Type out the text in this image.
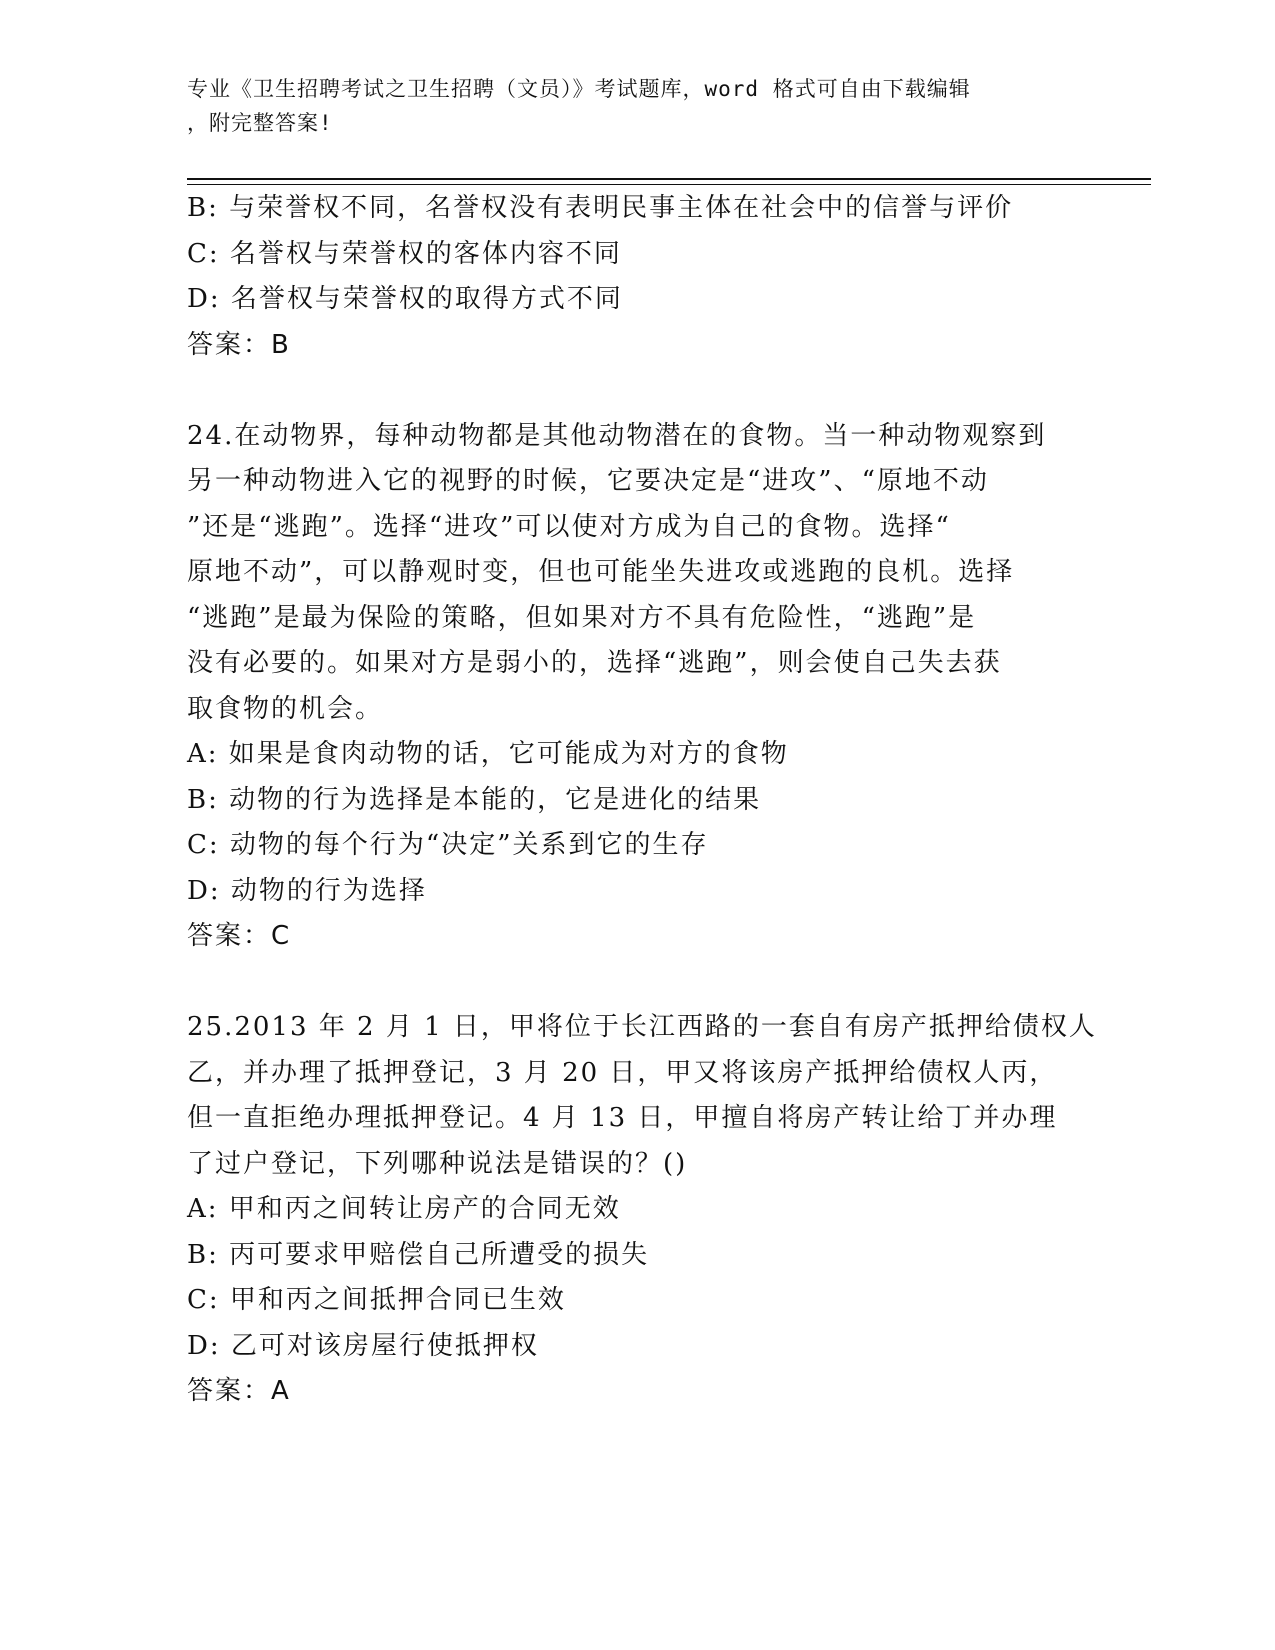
专业《卫生招聘考试之卫生招聘（文员）》考试题库，word 格式可自由下载编辑
，附完整答案!
B: 与荣誉权不同，名誉权没有表明民事主体在社会中的信誉与评价
C: 名誉权与荣誉权的客体内容不同
D: 名誉权与荣誉权的取得方式不同
答案：B
24.在动物界，每种动物都是其他动物潜在的食物。当一种动物观察到
另一种动物进入它的视野的时候，它要决定是“进攻”、“原地不动
”还是“逃跑”。选择“进攻”可以使对方成为自己的食物。选择“
原地不动”，可以静观时变，但也可能坐失进攻或逃跑的良机。选择
“逃跑”是最为保险的策略，但如果对方不具有危险性，“逃跑”是
没有必要的。如果对方是弱小的，选择“逃跑”，则会使自己失去获
取食物的机会。
A: 如果是食肉动物的话，它可能成为对方的食物
B: 动物的行为选择是本能的，它是进化的结果
C: 动物的每个行为“决定”关系到它的生存
D: 动物的行为选择
答案：C
25.2013 年 2 月 1 日，甲将位于长江西路的一套自有房产抵押给债权人
乙，并办理了抵押登记，3 月 20 日，甲又将该房产抵押给债权人丙，
但一直拒绝办理抵押登记。4 月 13 日，甲擅自将房产转让给丁并办理
了过户登记，下列哪种说法是错误的？()
A: 甲和丙之间转让房产的合同无效
B: 丙可要求甲赔偿自己所遭受的损失
C: 甲和丙之间抵押合同已生效
D: 乙可对该房屋行使抵押权
答案：A
